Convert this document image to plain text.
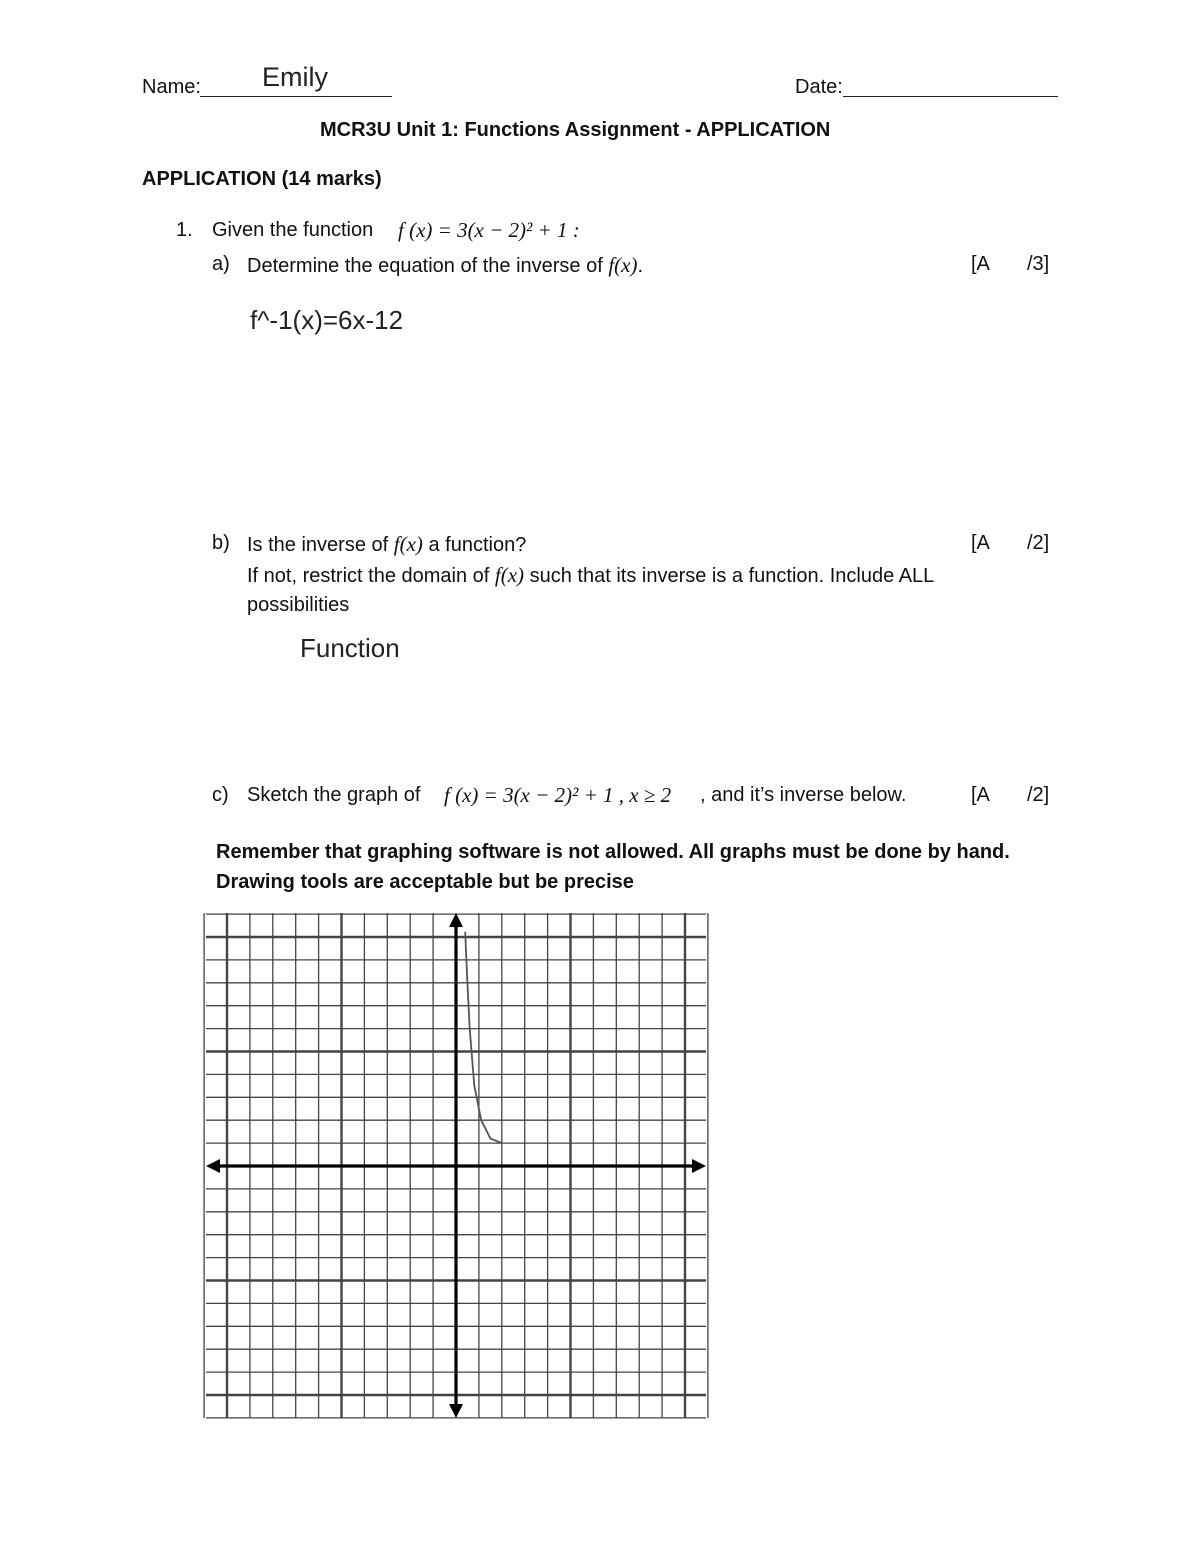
Name: Emily	Date:
MCR3U Unit 1: Functions Assignment - APPLICATION
APPLICATION (14 marks)
1. Given the function f (x) = 3(x − 2)² + 1 :
a) Determine the equation of the inverse of f(x).	[A /3]
f^-1(x)=6x-12
b) Is the inverse of f(x) a function?	[A /2]
If not, restrict the domain of f(x) such that its inverse is a function. Include ALL
possibilities
Function
c) Sketch the graph of f (x) = 3(x − 2)² + 1 , x ≥ 2 , and it’s inverse below.	[A /2]
Remember that graphing software is not allowed. All graphs must be done by hand.
Drawing tools are acceptable but be precise
